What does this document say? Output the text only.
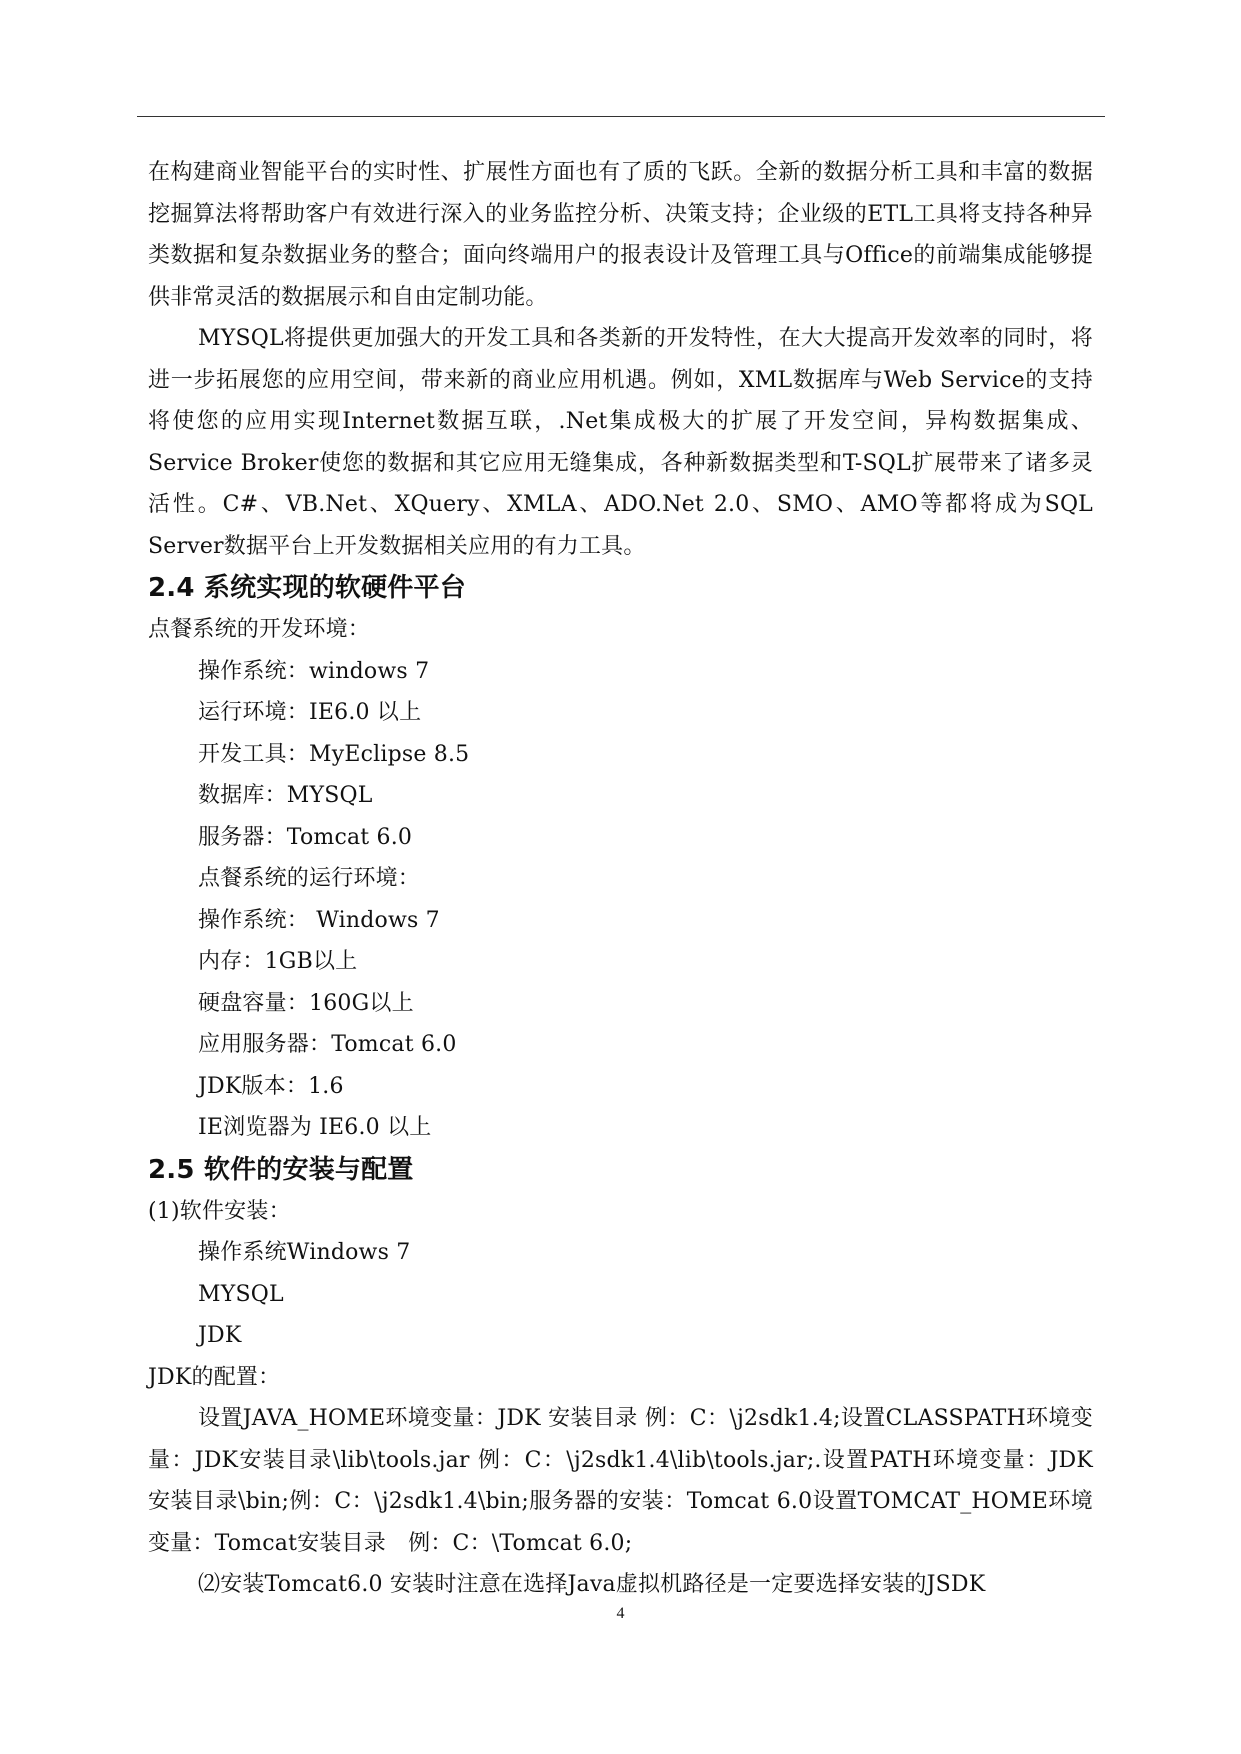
在构建商业智能平台的实时性、扩展性方面也有了质的飞跃。全新的数据分析工具和丰富的数据挖掘算法将帮助客户有效进行深入的业务监控分析、决策支持；企业级的ETL工具将支持各种异类数据和复杂数据业务的整合；面向终端用户的报表设计及管理工具与Office的前端集成能够提供非常灵活的数据展示和自由定制功能。

MYSQL将提供更加强大的开发工具和各类新的开发特性，在大大提高开发效率的同时，将进一步拓展您的应用空间，带来新的商业应用机遇。例如，XML数据库与Web Service的支持将使您的应用实现Internet数据互联，.Net集成极大的扩展了开发空间，异构数据集成、Service Broker使您的数据和其它应用无缝集成，各种新数据类型和T-SQL扩展带来了诸多灵活性。C#、VB.Net、XQuery、XMLA、ADO.Net 2.0、SMO、AMO等都将成为SQL Server数据平台上开发数据相关应用的有力工具。

2.4 系统实现的软硬件平台

点餐系统的开发环境：

操作系统：windows 7

运行环境：IE6.0 以上

开发工具：MyEclipse 8.5

数据库：MYSQL

服务器：Tomcat 6.0

点餐系统的运行环境：

操作系统： Windows 7

内存：1GB以上

硬盘容量：160G以上

应用服务器：Tomcat 6.0

JDK版本：1.6

IE浏览器为 IE6.0 以上

2.5 软件的安装与配置

(1)软件安装：

操作系统Windows 7

MYSQL

JDK

JDK的配置：

设置JAVA_HOME环境变量：JDK 安装目录 例：C：\j2sdk1.4;设置CLASSPATH环境变量：JDK安装目录\lib\tools.jar 例：C：\j2sdk1.4\lib\tools.jar;.设置PATH环境变量：JDK 安装目录\bin;例：C：\j2sdk1.4\bin;服务器的安装：Tomcat 6.0设置TOMCAT_HOME环境变量：Tomcat安装目录　例：C：\Tomcat 6.0;

⑵安装Tomcat6.0 安装时注意在选择Java虚拟机路径是一定要选择安装的JSDK

4
